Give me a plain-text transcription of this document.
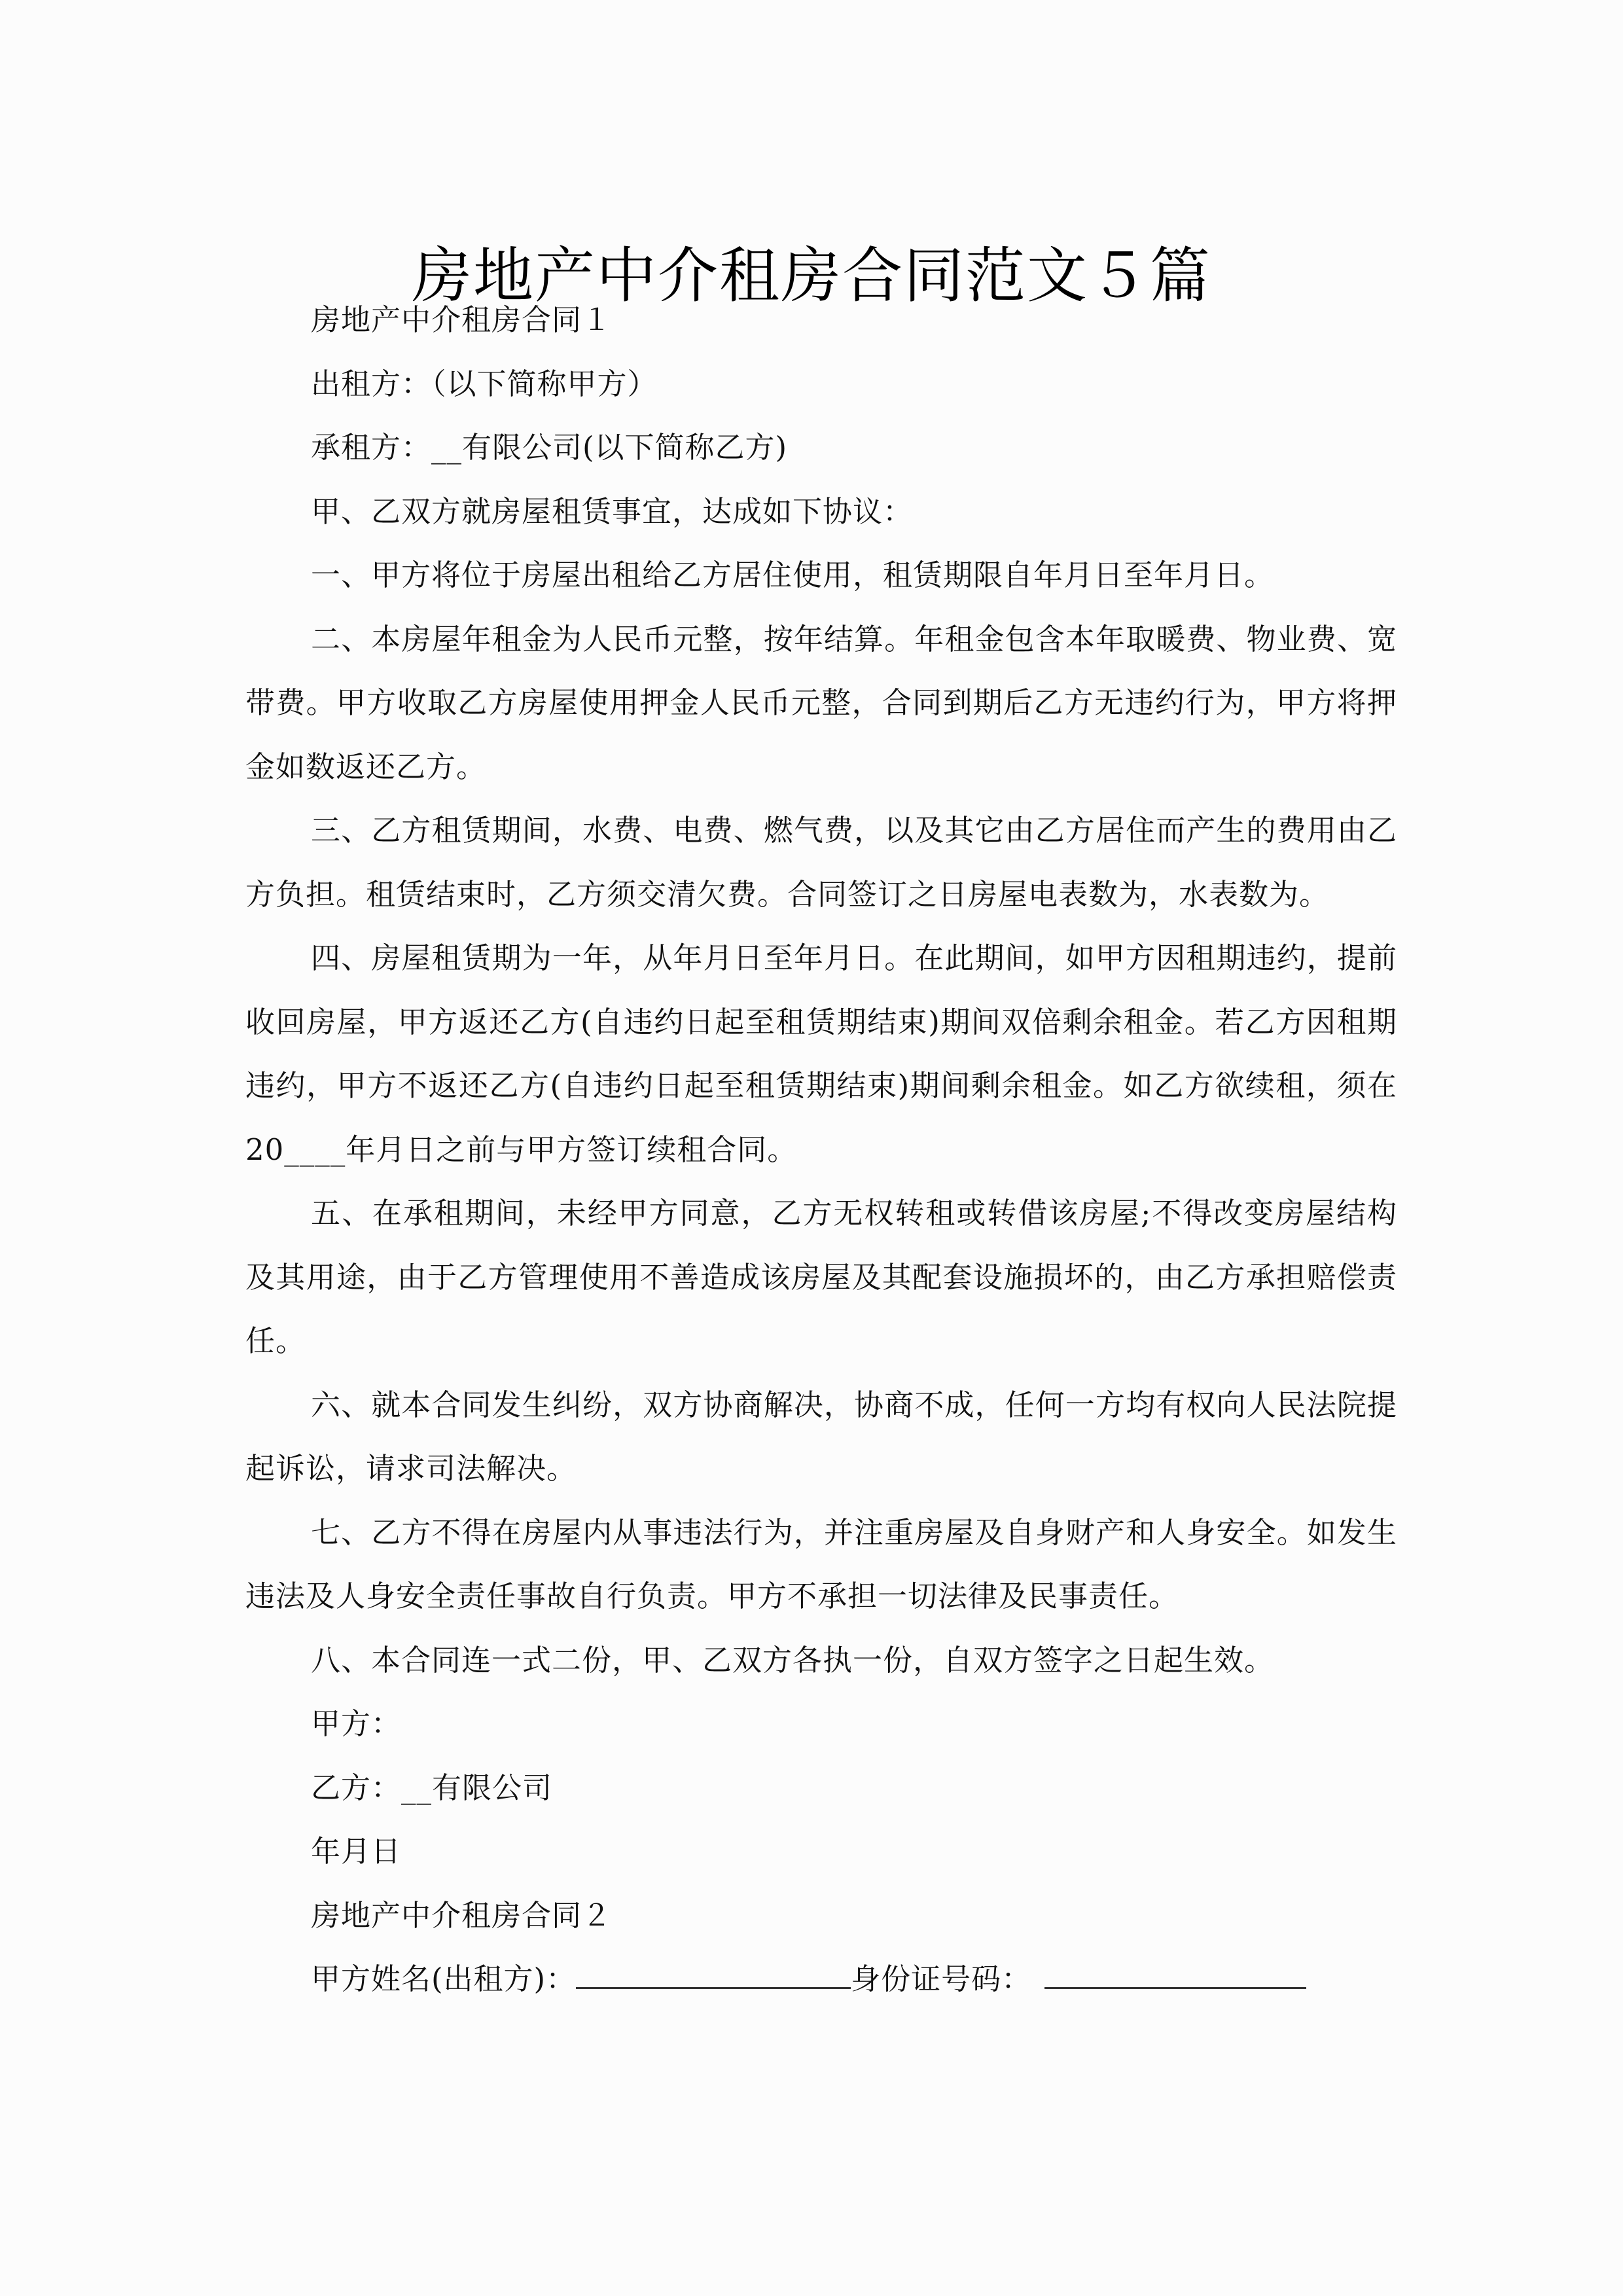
房地产中介租房合同范文５篇

房地产中介租房合同１

出租方：（以下简称甲方）

承租方：__有限公司(以下简称乙方)

甲、乙双方就房屋租赁事宜，达成如下协议：

一、甲方将位于房屋出租给乙方居住使用，租赁期限自年月日至年月日。

二、本房屋年租金为人民币元整，按年结算。年租金包含本年取暖费、物业费、宽带费。甲方收取乙方房屋使用押金人民币元整，合同到期后乙方无违约行为，甲方将押金如数返还乙方。

三、乙方租赁期间，水费、电费、燃气费，以及其它由乙方居住而产生的费用由乙方负担。租赁结束时，乙方须交清欠费。合同签订之日房屋电表数为，水表数为。

四、房屋租赁期为一年，从年月日至年月日。在此期间，如甲方因租期违约，提前收回房屋，甲方返还乙方(自违约日起至租赁期结束)期间双倍剩余租金。若乙方因租期违约，甲方不返还乙方(自违约日起至租赁期结束)期间剩余租金。如乙方欲续租，须在20____年月日之前与甲方签订续租合同。

五、在承租期间，未经甲方同意，乙方无权转租或转借该房屋;不得改变房屋结构及其用途，由于乙方管理使用不善造成该房屋及其配套设施损坏的，由乙方承担赔偿责任。

六、就本合同发生纠纷，双方协商解决，协商不成，任何一方均有权向人民法院提起诉讼，请求司法解决。

七、乙方不得在房屋内从事违法行为，并注重房屋及自身财产和人身安全。如发生违法及人身安全责任事故自行负责。甲方不承担一切法律及民事责任。

八、本合同连一式二份，甲、乙双方各执一份，自双方签字之日起生效。

甲方：

乙方：__有限公司

年月日

房地产中介租房合同２

甲方姓名(出租方)：	身份证号码：
